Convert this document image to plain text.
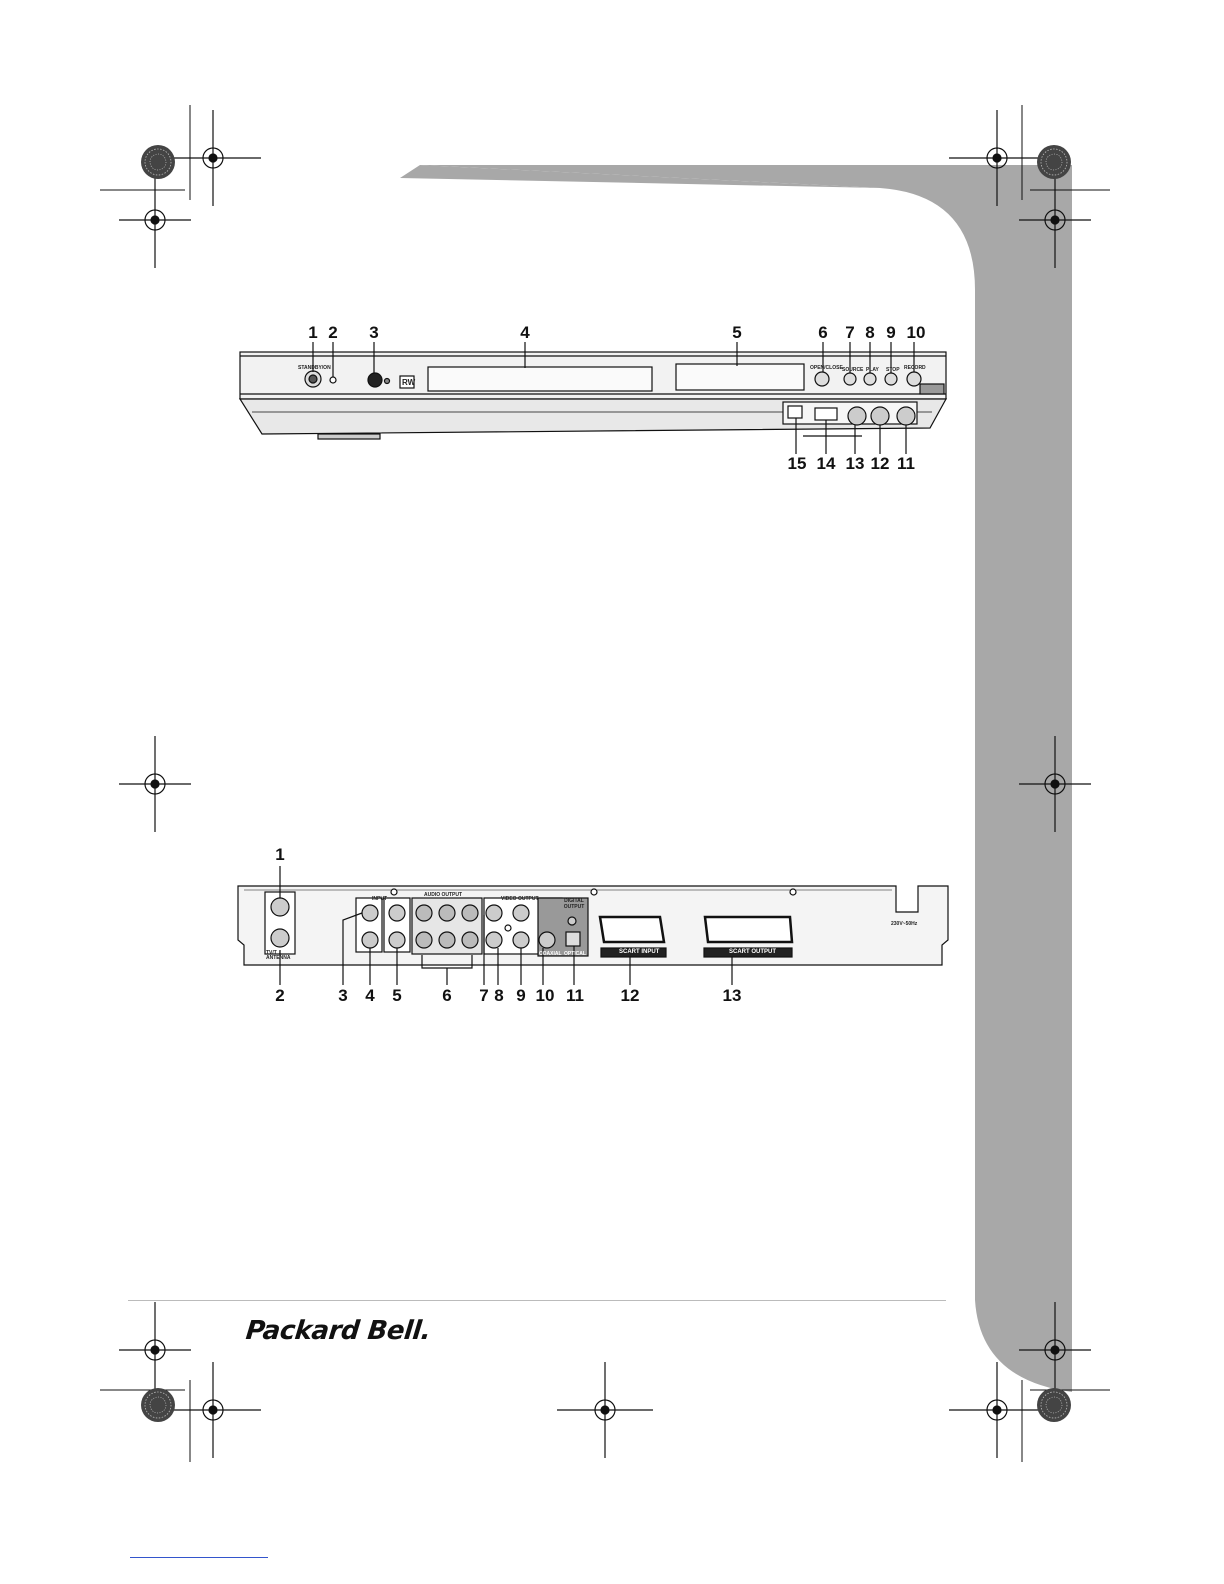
STANDBY/ON
RW
OPEN/CLOSE SOURCE PLAY STOP RECORD
1 2	3	4	5	6	7 8 9 10
15 14 13 12 11
TV/T ↓ ANTENNA
INPUT
AUDIO OUTPUT
VIDEO OUTPUT	DIGITAL OUTPUT
COAXIAL OPTICAL	SCART INPUT	SCART OUTPUT
230V~50Hz
1
2	3	4	5	6	7 8 9 10 11	12	13
Packard Bell.
